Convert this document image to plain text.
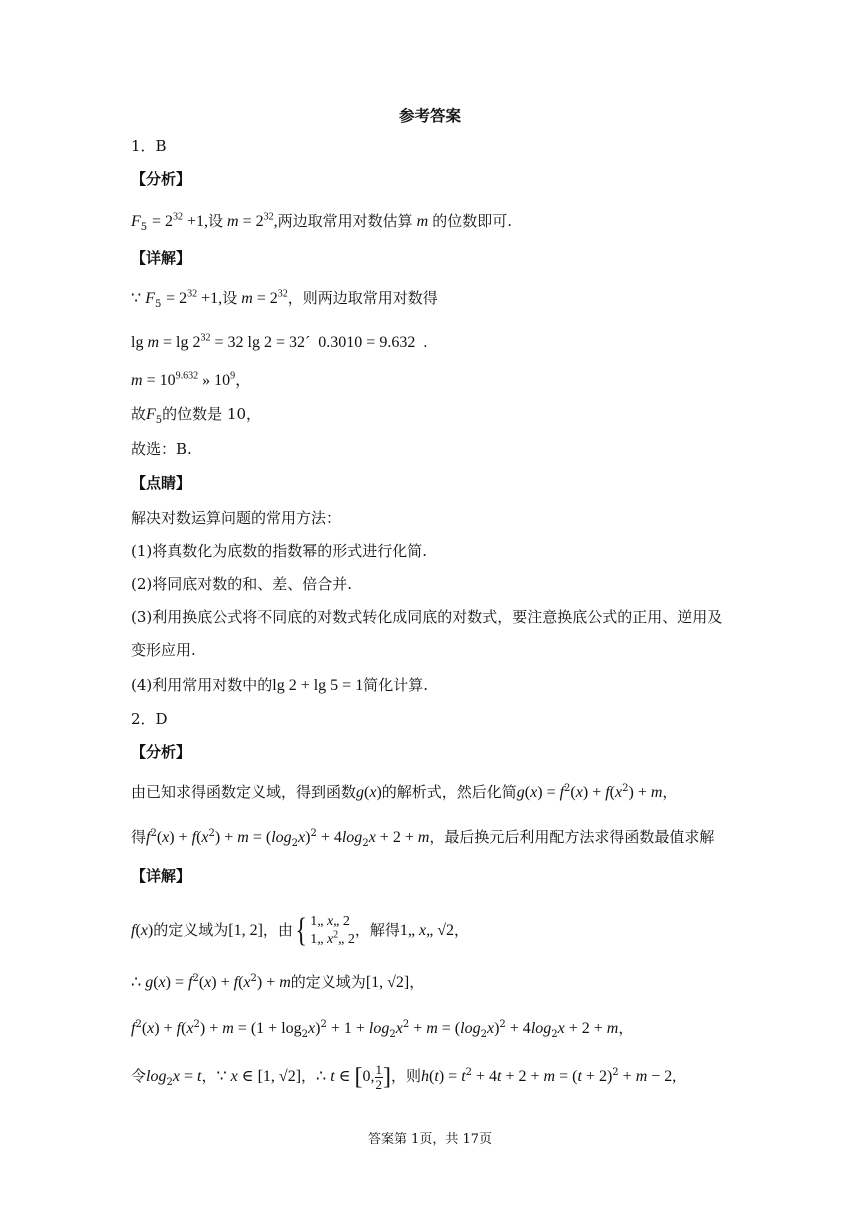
参考答案
1．B
【分析】
$F_5 = 2^{32} +1$,设 $m = 2^{32}$,两边取常用对数估算 m 的位数即可.
【详解】
∵ $F_5 = 2^{32} +1$,设 $m = 2^{32}$，则两边取常用对数得
$\lg m = \lg 2^{32} = 32$ lg 2 = 32´  0.3010 = 9.632  .
$m = 10^{9.632}$ » $10^9$，
故$F_5$的位数是 10，
故选：B.
【点睛】
解决对数运算问题的常用方法：
(1)将真数化为底数的指数幂的形式进行化简.
(2)将同底对数的和、差、倍合并.
(3)利用换底公式将不同底的对数式转化成同底的对数式，要注意换底公式的正用、逆用及
变形应用.
(4)利用常用对数中的lg 2 + lg 5 = 1简化计算.
2．D
【分析】
由已知求得函数定义域，得到函数g(x)的解析式，然后化简$g(x) = f^2(x) + f(x^2) + m$，
得$f^2(x) + f(x^2) + m = (\log_2x)^2 + 4\log_2x + 2 + m$，最后换元后利用配方法求得函数最值求解
【详解】
f(x)的定义域为[1, 2]，由{ 1„ x„ 2
1„ $x^2„$ 2
，解得1„ x„ √2，
∴ $g(x) = f^2(x) + f(x^2) + m$的定义域为[1, √2]，
$f^2(x) + f(x^2) + m = (1 + \log_2x)^2 + 1 + \log_2x^2 + m = (\log_2x)^2 + 4\log_2x + 2 + m$，
令$\log_2x = t$，∵ x ∈ [1, √2]，∴ t ∈ [0, $\frac{1}{2}$ ]，则$h(t) = t^2 + 4t + 2 + m = (t + 2)^2 + m - 2$,
答案第 1页，共 17页
